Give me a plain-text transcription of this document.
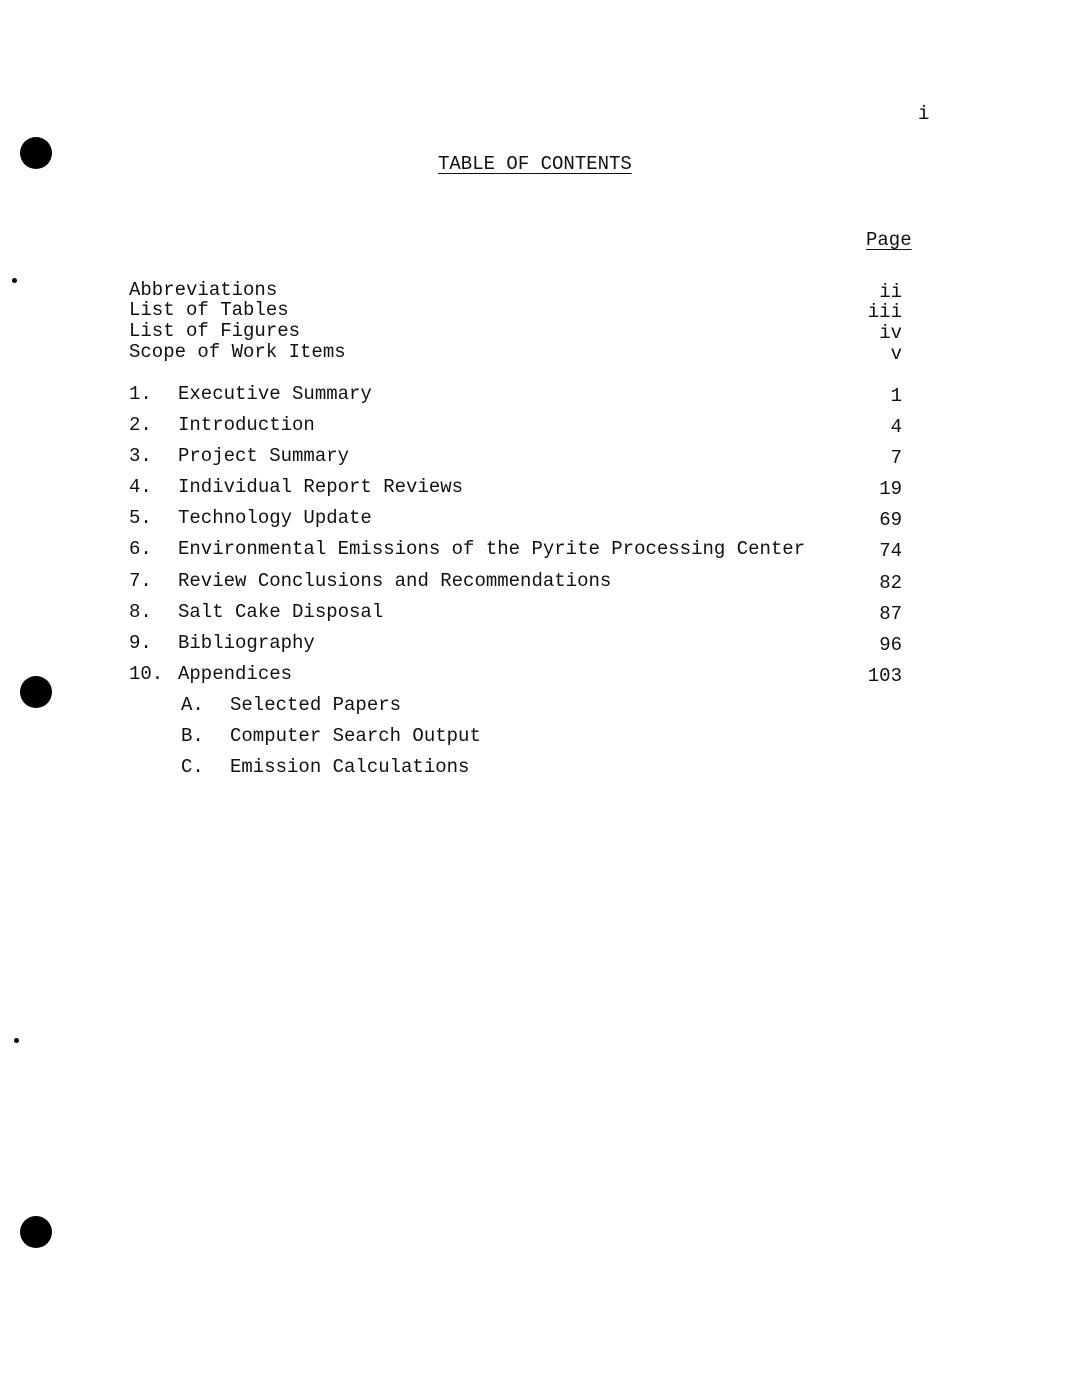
i
TABLE OF CONTENTS
Page
Abbreviations	ii
List of Tables	iii
List of Figures	iv
Scope of Work Items	v
1. Executive Summary	1
2. Introduction	4
3. Project Summary	7
4. Individual Report Reviews	19
5. Technology Update	69
6. Environmental Emissions of the Pyrite Processing Center	74
7. Review Conclusions and Recommendations	82
8. Salt Cake Disposal	87
9. Bibliography	96
10. Appendices	103
A. Selected Papers
B. Computer Search Output
C. Emission Calculations
